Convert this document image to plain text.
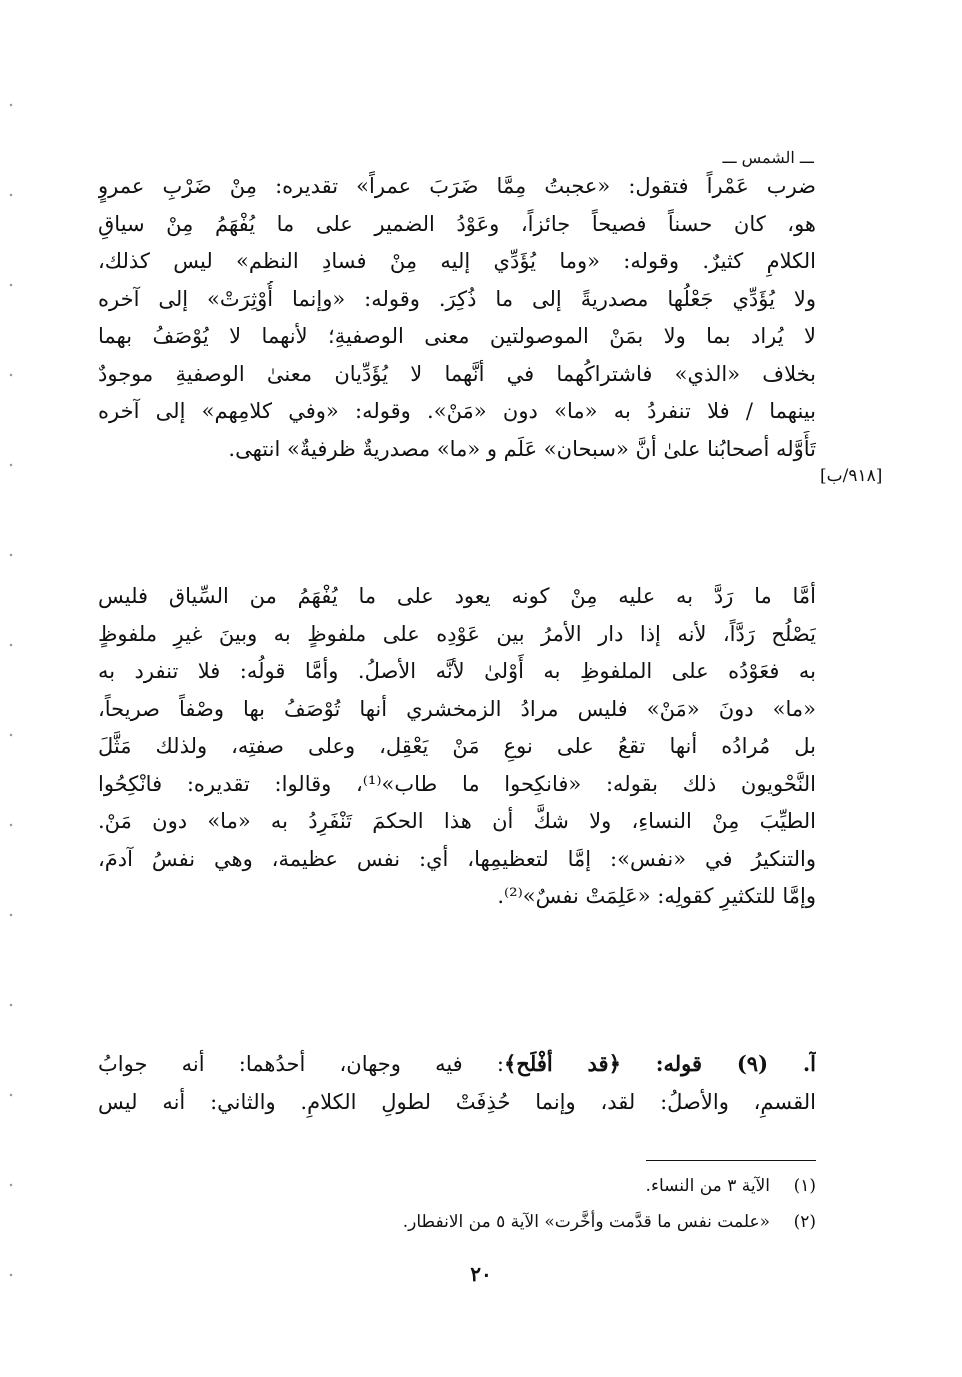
ـــ الشمس ـــ
ضرب عَمْراً فتقول: «عجبتُ مِمَّا ضَرَبَ عمراً» تقديره: مِنْ ضَرْبِ عمروٍ
هو، كان حسناً فصيحاً جائزاً، وعَوْدُ الضمير على ما يُفْهَمُ مِنْ سياقِ
الكلامِ كثيرٌ. وقوله: «وما يُؤَدِّي إليه مِنْ فسادِ النظم» ليس كذلك،
ولا يُؤَدِّي جَعْلُها مصدريةً إلى ما ذُكِرَ. وقوله: «وإنما أُوْثِرَتْ» إلى آخره
لا يُراد بما ولا بمَنْ الموصولتين معنى الوصفيةِ؛ لأنهما لا يُوْصَفُ بهما
بخلاف «الذي» فاشتراكُهما في أنَّهما لا يُؤَدِّيان معنىٰ الوصفيةِ موجودٌ
بينهما / فلا تنفردُ به «ما» دون «مَنْ». وقوله: «وفي كلامِهم» إلى آخره
تَأَوَّله أصحابُنا علىٰ أنَّ «سبحان» عَلَم و «ما» مصدريةٌ ظرفيةٌ» انتهى.
[٩١٨/ب]
أمَّا ما رَدَّ به عليه مِنْ كونه يعود على ما يُفْهَمُ من السِّياق فليس
يَصْلُح رَدَّاً، لأنه إذا دار الأمرُ بين عَوْدِه على ملفوظٍ به وبينَ غيرِ ملفوظٍ
به فعَوْدُه على الملفوظِ به أَوْلىٰ لأنَّه الأصلُ. وأمَّا قولُه: فلا تنفرد به
«ما» دونَ «مَنْ» فليس مرادُ الزمخشري أنها تُوْصَفُ بها وصْفاً صريحاً،
بل مُرادُه أنها تقعُ على نوعِ مَنْ يَعْقِل، وعلى صفتِه، ولذلك مَثَّلَ
النَّحْويون ذلك بقوله: «فانكِحوا ما طاب»⁽¹⁾، وقالوا: تقديره: فانْكِحُوا
الطيِّبَ مِنْ النساءِ، ولا شكَّ أن هذا الحكمَ تَنْفَرِدُ به «ما» دون مَنْ.
والتنكيرُ في «نفس»: إمَّا لتعظيمِها، أي: نفس عظيمة، وهي نفسُ آدمَ،
وإمَّا للتكثيرِ كقولِه: «عَلِمَتْ نفسٌ»⁽²⁾.
آ. (٩) قوله: ﴿قد أفْلَح﴾: فيه وجهان، أحدُهما: أنه جوابُ
القسمِ، والأصلُ: لقد، وإنما حُذِفَتْ لطولِ الكلامِ. والثاني: أنه ليس
(١)الآية ٣ من النساء.
(٢)«علمت نفس ما قدَّمت وأخَّرت» الآية ٥ من الانفطار.
٢٠
